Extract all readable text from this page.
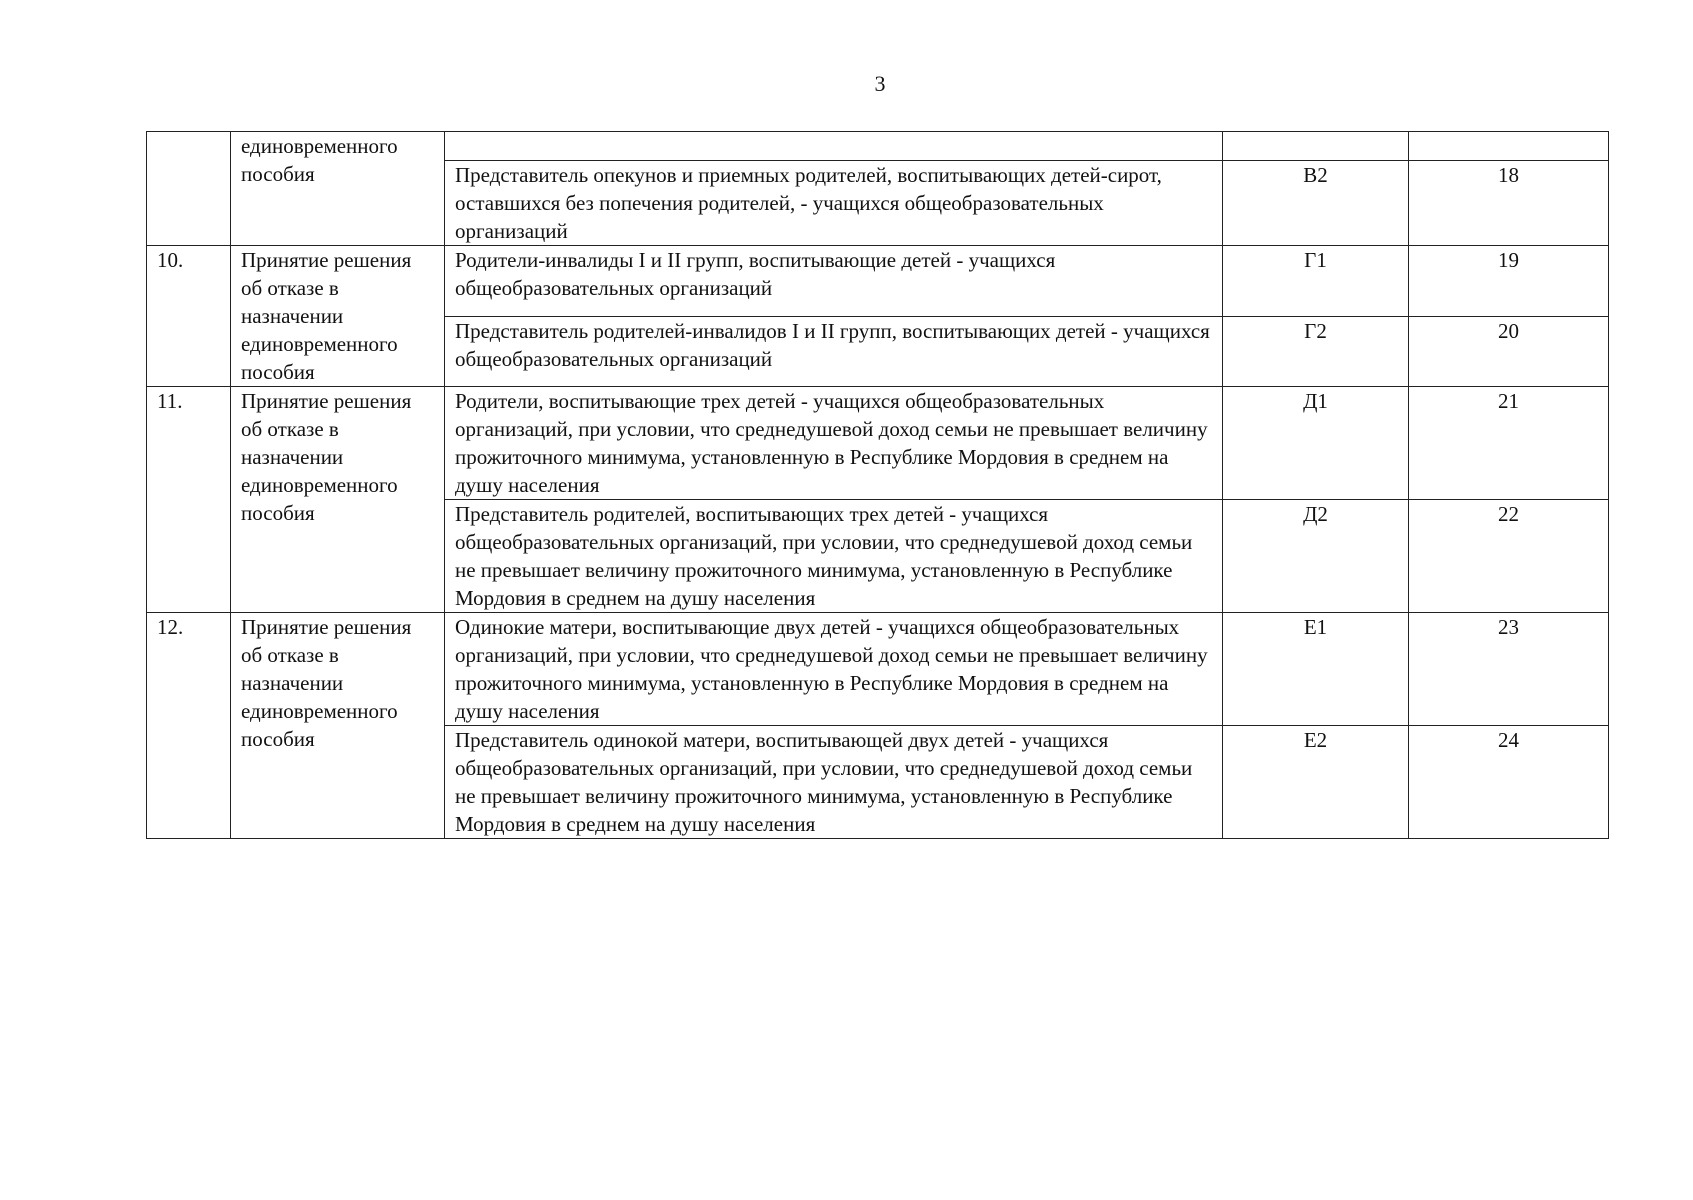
3
	единовременного пособия			
		Представитель опекунов и приемных родителей, воспитывающих детей-сирот, оставшихся без попечения родителей, - учащихся общеобразовательных организаций	В2	18
10.	Принятие решения об отказе в назначении единовременного пособия	Родители-инвалиды I и II групп, воспитывающие детей - учащихся общеобразовательных организаций	Г1	19
		Представитель родителей-инвалидов I и II групп, воспитывающих детей - учащихся общеобразовательных организаций	Г2	20
11.	Принятие решения об отказе в назначении единовременного пособия	Родители, воспитывающие трех детей - учащихся общеобразовательных организаций, при условии, что среднедушевой доход семьи не превышает величину прожиточного минимума, установленную в Республике Мордовия в среднем на душу населения	Д1	21
		Представитель родителей, воспитывающих трех детей - учащихся общеобразовательных организаций, при условии, что среднедушевой доход семьи не превышает величину прожиточного минимума, установленную в Республике Мордовия в среднем на душу населения	Д2	22
12.	Принятие решения об отказе в назначении единовременного пособия	Одинокие матери, воспитывающие двух детей - учащихся общеобразовательных организаций, при условии, что среднедушевой доход семьи не превышает величину прожиточного минимума, установленную в Республике Мордовия в среднем на душу населения	Е1	23
		Представитель одинокой матери, воспитывающей двух детей - учащихся общеобразовательных организаций, при условии, что среднедушевой доход семьи не превышает величину прожиточного минимума, установленную в Республике Мордовия в среднем на душу населения	Е2	24
